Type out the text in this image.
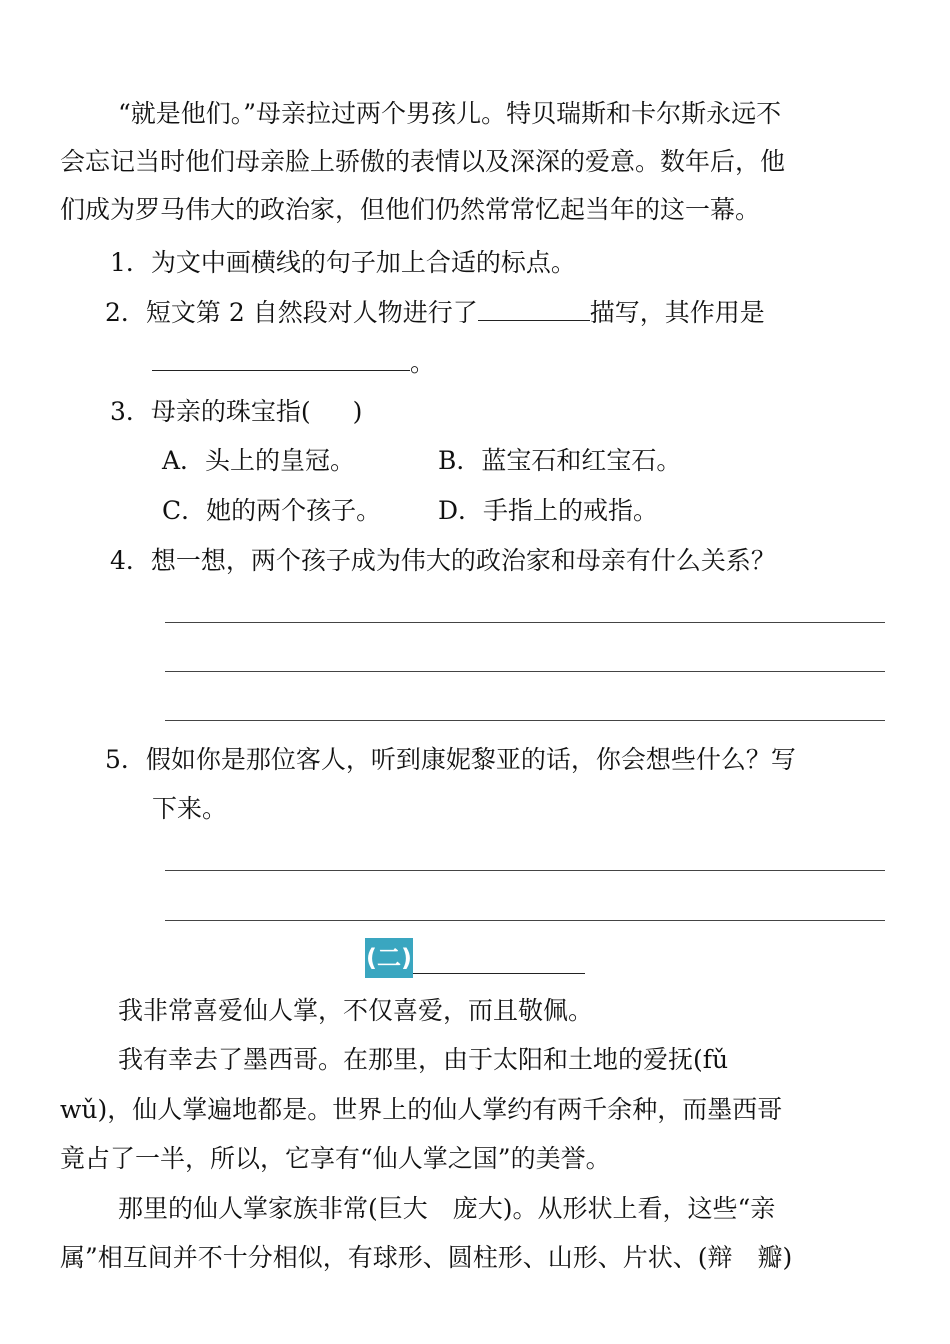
“就是他们。”母亲拉过两个男孩儿。特贝瑞斯和卡尔斯永远不
会忘记当时他们母亲脸上骄傲的表情以及深深的爱意。数年后，他
们成为罗马伟大的政治家，但他们仍然常常忆起当年的这一幕。
1．为文中画横线的句子加上合适的标点。
2．短文第 2 自然段对人物进行了	描写，其作用是
。
3．母亲的珠宝指( )
A．头上的皇冠。	B．蓝宝石和红宝石。
C．她的两个孩子。 D．手指上的戒指。
4．想一想，两个孩子成为伟大的政治家和母亲有什么关系？
5．假如你是那位客人，听到康妮黎亚的话，你会想些什么？写
下来。
(二)
我非常喜爱仙人掌，不仅喜爱，而且敬佩。
我有幸去了墨西哥。在那里，由于太阳和土地的爱抚(fǔ
wǔ)，仙人掌遍地都是。世界上的仙人掌约有两千余种，而墨西哥
竟占了一半，所以，它享有“仙人掌之国”的美誉。
那里的仙人掌家族非常(巨大　庞大)。从形状上看，这些“亲
属”相互间并不十分相似，有球形、圆柱形、山形、片状、(辩　瓣)
